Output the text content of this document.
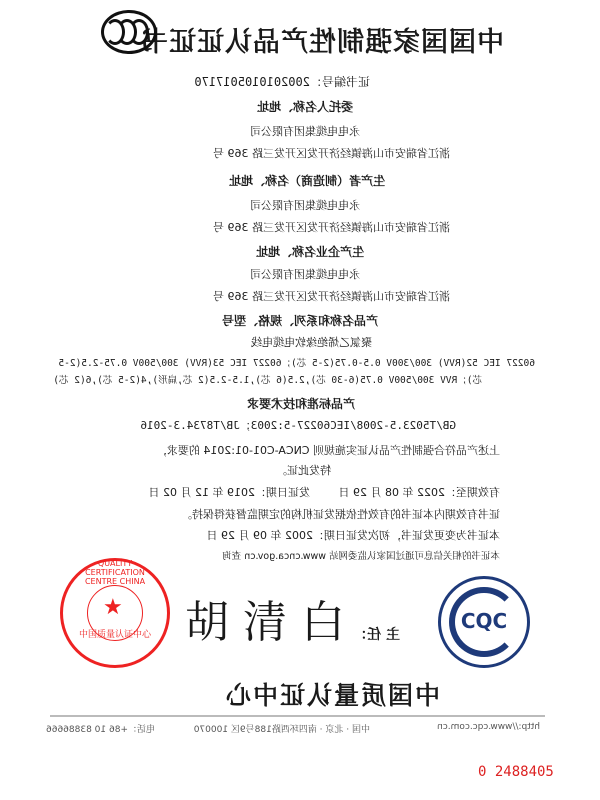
中国国家强制性产品认证证书
证书编号：2002010105017170
委托人名称、地址
永电电缆集团有限公司
浙江省瑞安市山海镇经济开发区开发三路 369 号
生产者（制造商）名称、地址
永电电缆集团有限公司
浙江省瑞安市山海镇经济开发区开发三路 369 号
生产企业名称、地址
永电电缆集团有限公司
浙江省瑞安市山海镇经济开发区开发三路 369 号
产品名称和系列、规格、型号
聚氯乙烯绝缘软电缆电线
60227 IEC 52(RVV) 300/300V 0.5-0.75(2-5 芯)；60227 IEC 53(RVV) 300/500V 0.75-2.5(2-5
芯)；RVV 300/500V 0.75(6-30 芯),2.5(6 芯),1.5-2.5(2 芯,扁形),4(2-5 芯),6(2 芯)
产品标准和技术要求
GB/T5023.5-2008/IEC60227-5:2003；JB/T8734.3-2016
上述产品符合强制性产品认证实施规则 CNCA-C01-01:2014 的要求，
特发此证。
发证日期：2019 年 12 月 02 日	有效期至：2022 年 08 月 29 日
证书有效期内本证书的有效性依据发证机构的定期监督获得保持。
本证书为变更发证书，初次发证日期：2002 年 09 月 29 日
本证书的相关信息可通过国家认监委网站 www.cnca.gov.cn 查询
★
QUALITY CERTIFICATION CENTRE CHINA
中国质量认证中心	主 任：
胡 清 白	CQC
中国质量认证中心
中国 · 北京 · 南四环西路188号9区 100070
电话：+86 10 83886666	http://www.cqc.com.cn
0 2488405
